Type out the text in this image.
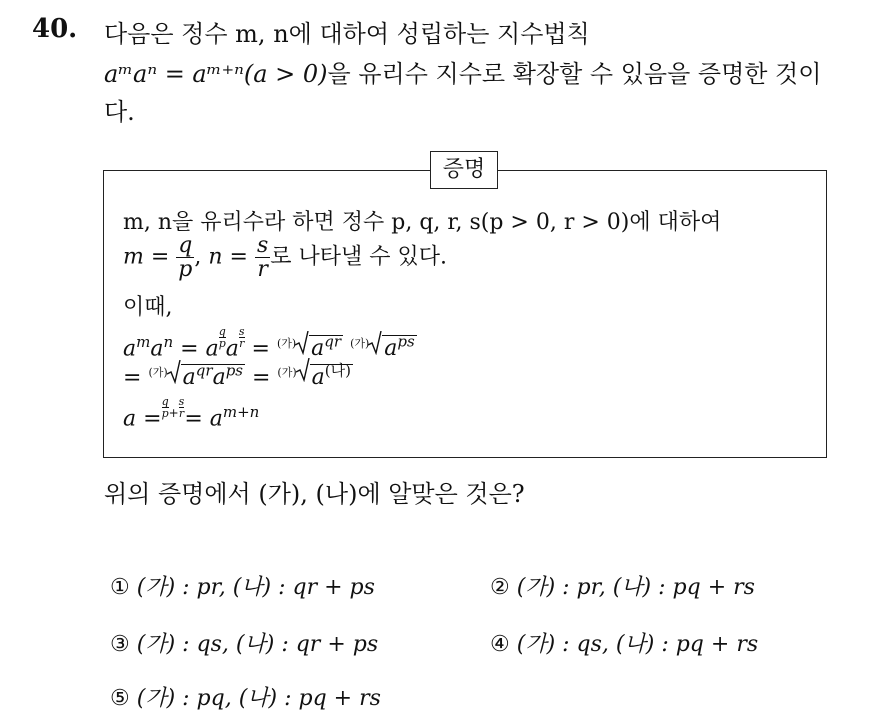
40. 다음은 정수 m, n에 대하여 성립하는 지수법칙
aᵐaⁿ = aᵐ⁺ⁿ(a > 0)을 유리수 지수로 확장할 수 있음을 증명한 것이
다.
증명
m, n을 유리수라 하면 정수 p, q, r, s(p > 0, r > 0)에 대하여
$m = \frac{q}{p}$ , $n = \frac{s}{r}$ 로 나타낼 수 있다.
이때,
$a^ma^n = a \frac{q}{p}$ a $\frac{s}{r} = ^{(가)}$ $a^{qr}$ $^{(가)}$ $a^{ps}$
= $^{(가)}$ $a^{qr}a^{ps} = ^{(가)}$ $a^{(나)}$
$a = \frac{q}{p} ^+ \frac{s}{r} = a^{m+n}$
위의 증명에서 (가), (나)에 알맞은 것은?
① (가) : pr, (나) : qr + ps	② (가) : pr, (나) : pq + rs
③ (가) : qs, (나) : qr + ps	④ (가) : qs, (나) : pq + rs
⑤ (가) : pq, (나) : pq + rs
